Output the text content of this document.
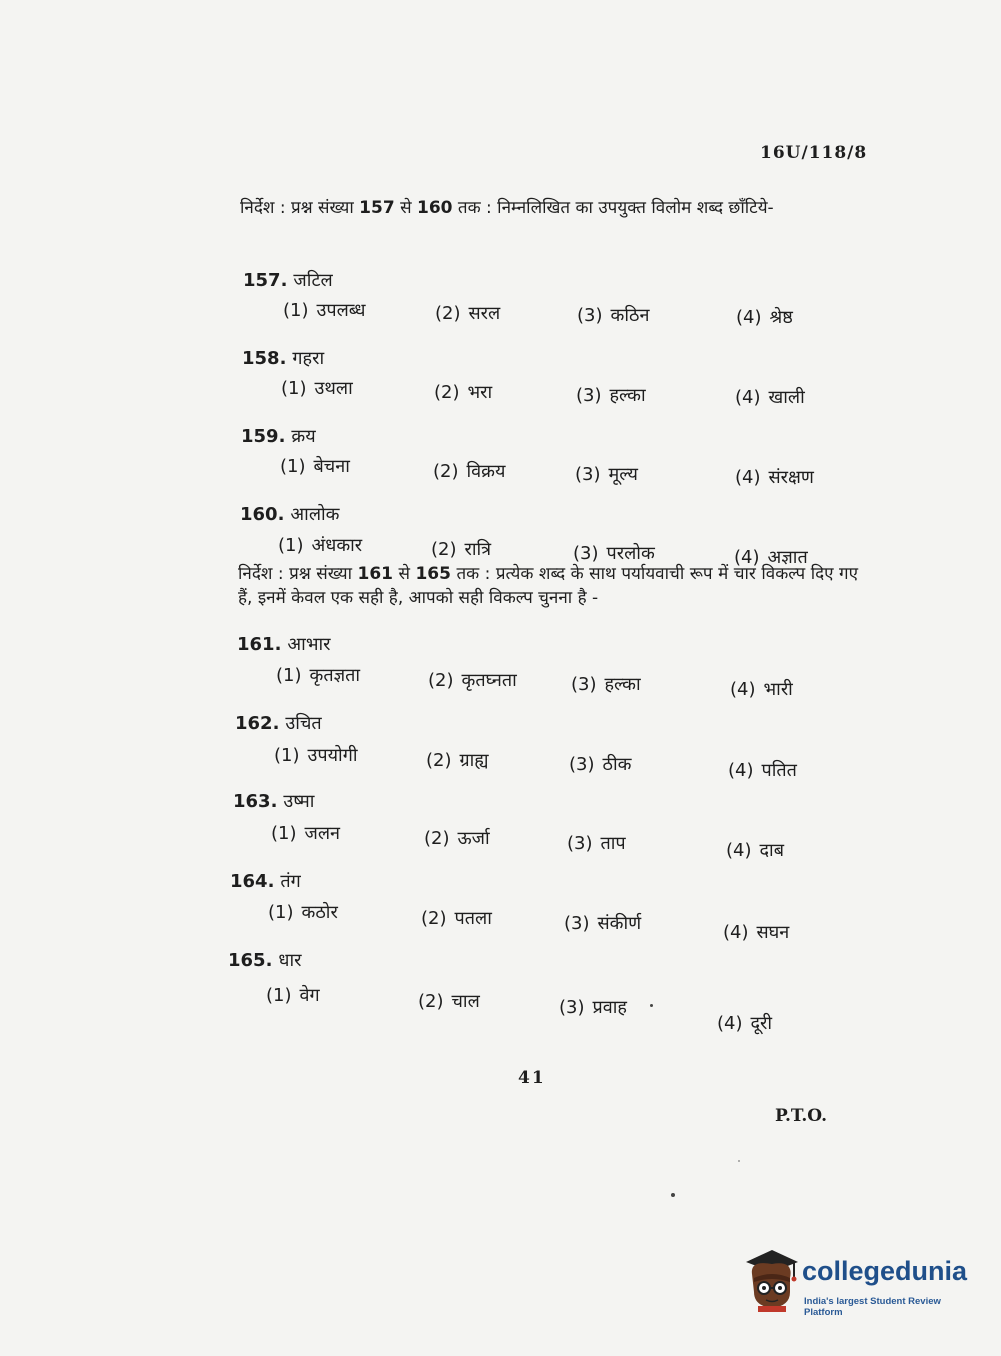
16U/118/8
निर्देश : प्रश्न संख्या 157 से 160 तक : निम्नलिखित का उपयुक्त विलोम शब्द छाँटिये-
157. जटिल
(1) उपलब्ध	(2) सरल	(3) कठिन	(4) श्रेष्ठ
158. गहरा
(1) उथला	(2) भरा	(3) हल्का	(4) खाली
159. क्रय
(1) बेचना	(2) विक्रय	(3) मूल्य	(4) संरक्षण
160. आलोक
(1) अंधकार	(2) रात्रि	(3) परलोक	(4) अज्ञात
निर्देश : प्रश्न संख्या 161 से 165 तक : प्रत्येक शब्द के साथ पर्यायवाची रूप में चार विकल्प दिए गए हैं, इनमें केवल एक सही है, आपको सही विकल्प चुनना है -
161. आभार
(1) कृतज्ञता	(2) कृतघ्नता	(3) हल्का	(4) भारी
162. उचित
(1) उपयोगी	(2) ग्राह्य	(3) ठीक	(4) पतित
163. उष्मा
(1) जलन	(2) ऊर्जा	(3) ताप	(4) दाब
164. तंग
(1) कठोर	(2) पतला	(3) संकीर्ण	(4) सघन
165. धार
(1) वेग	(2) चाल	(3) प्रवाह
(4) दूरी
41
P.T.O.
collegedunia
India's largest Student Review Platform
